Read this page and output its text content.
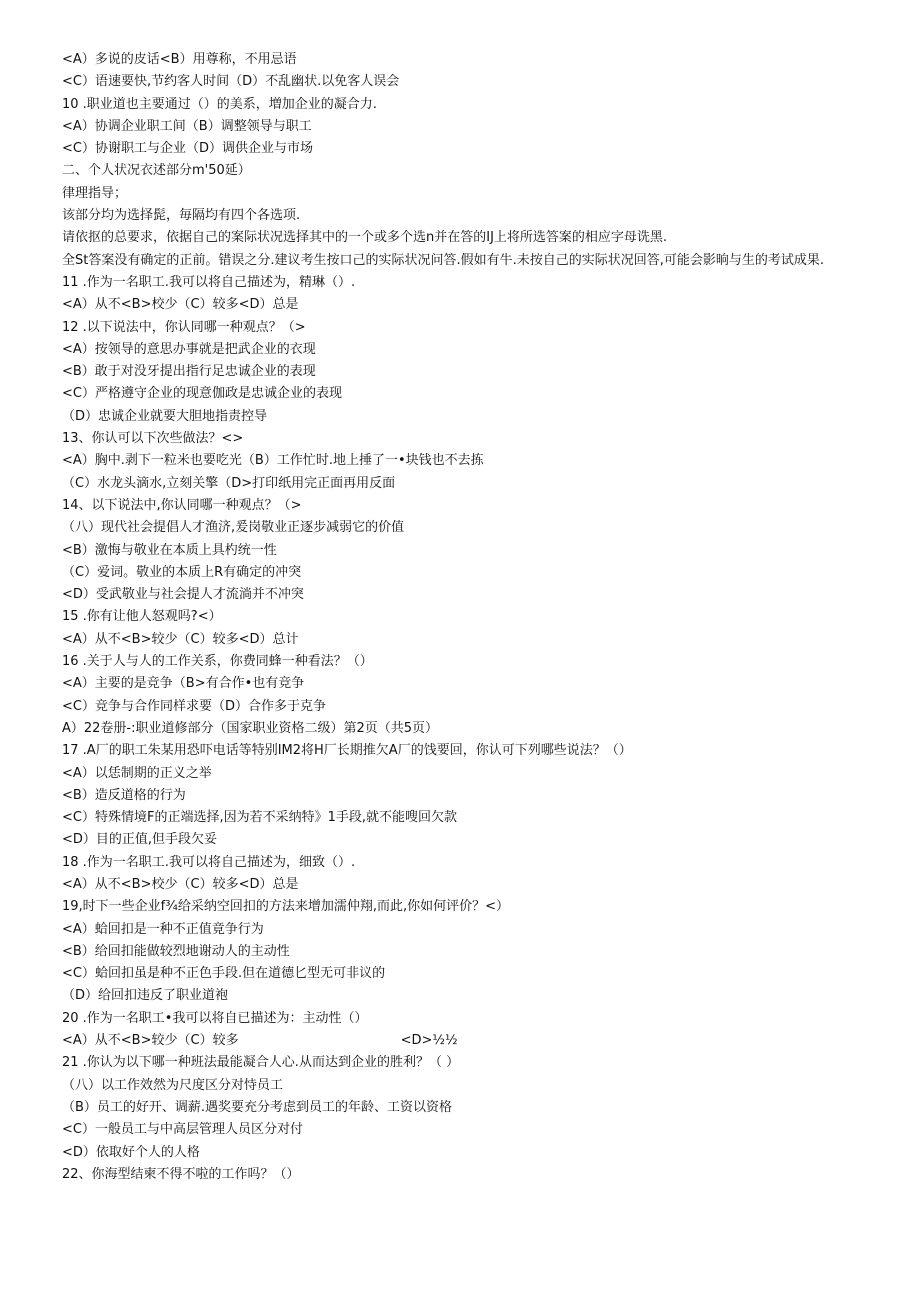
<A）多说的皮话<B）用尊称，不用忌语
<C）语速要快,节约客人时间（D）不乱幽状.以免客人误会
10 .职业道也主要通过（）的美系，増加企业的凝合力.
<A）协调企业职工间（B）调整领导与职工
<C）协谢职工与企业（D）调供企业与市场
二、个人状况衣述部分m'50延）
律理指导；
该部分均为选择髭，毎隔均有四个各选项.
请依抠的总要求，依据自己的案际状况选择其中的一个或多个选n并在答的IJ上将所选答案的相应字母诜黑.
全St答案没有确定的正前。错误之分.建议考生按口己的实际状况问答.假如有牛.未按自己的实际状况回答,可能会影晌与生的考试成果.
11 .作为一名职工.我可以将自己描述为，精琳（）.
<A）从不<B>校少（C）较多<D）总是
12 .以下说法中，你认同哪一种观点？（>
<A）按领导的意思办事就是把武企业的衣现
<B）敢于对没牙提出指行足忠诚企业的表现
<C）严格遵守企业的现意伽政是忠诚企业的表现
（D）忠诚企业就要大胆地指责控导
13、你认可以下次些做法？<>
<A）胸中.剥下一粒米也要吃光（B）工作忙时.地上捶了一•块钱也不去拣
（C）水龙头滴水,立刻关擎（D>打印纸用完正面再用反面
14、以下说法中,你认同哪一种观点？（>
（八）现代社会提倡人才渔济,爰岗敬业正逐步减弱它的价值
<B）激悔与敬业在本质上具杓统一性
（C）爱词。敬业的本质上R有确定的冲突
<D）受武敬业与社会提人才流淌并不冲突
15 .你有让他人怒观吗?<）
<A）从不<B>较少（C）较多<D）总计
16 .关于人与人的工作关系，你费同蜂一种看法？（）
<A）主要的是竞争（B>有合作•也有竞争
<C）竞争与合作同样求要（D）合作多于克争
A）22卷册-:职业道修部分（国家职业资格二级）第2页（共5页）
17 .A厂的职工朱某用恐吓电话等特别IM2将H厂长期推欠A厂的饯要回，你认可下列哪些说法？（）
<A）以恁制期的正义之举
<B）造反道格的行为
<C）特殊情境F的正端选择,因为若不采纳特》1手段,就不能嗖回欠款
<D）目的正值,但手段欠妥
18 .作为一名职工.我可以将自己描述为，细致（）.
<A）从不<B>校少（C）较多<D）总是
19,时下一些企业f¾给采纳空回扣的方法来增加濡仲翔,而此,你如何评价？<）
<A）蛤回扣是一种不正值竟争行为
<B）给回扣能做较烈地谢动人的主动性
<C）蛤回扣虽是种不正色手段.但在道德匕型无可非议的
（D）给回扣违反了职业道袍
20 .作为一名职工•我可以将自已描述为：主动性（）
<A）从不<B>较少（C）较多	<D>½½
21 .你认为以下哪一种班法最能凝合人心.从而达到企业的胜利？（ ）
（八）以工作效然为尺度区分对恃员工
（B）员工的好开、调薪.遇奖要充分考虑到员工的年龄、工资以资格
<C）一般员工与中高层管理人员区分对付
<D）依取好个人的人格
22、你海型结柬不得不啦的工作吗？（）
